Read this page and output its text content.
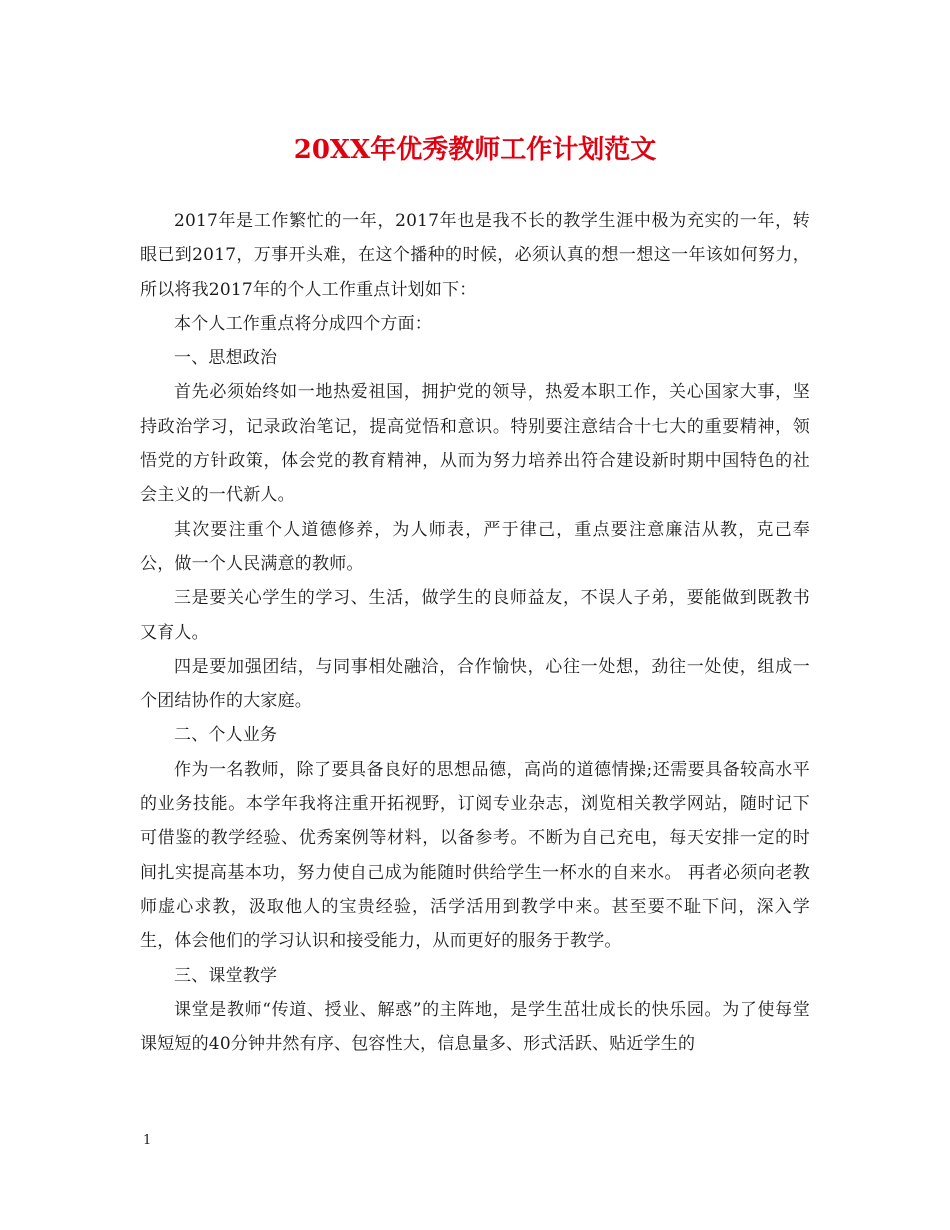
20XX年优秀教师工作计划范文

2017年是工作繁忙的一年，2017年也是我不长的教学生涯中极为充实的一年，转眼已到2017，万事开头难，在这个播种的时候，必须认真的想一想这一年该如何努力，所以将我2017年的个人工作重点计划如下：

本个人工作重点将分成四个方面：

一、思想政治

首先必须始终如一地热爱祖国，拥护党的领导，热爱本职工作，关心国家大事，坚持政治学习，记录政治笔记，提高觉悟和意识。特别要注意结合十七大的重要精神，领悟党的方针政策，体会党的教育精神，从而为努力培养出符合建设新时期中国特色的社会主义的一代新人。

其次要注重个人道德修养，为人师表，严于律己，重点要注意廉洁从教，克己奉公，做一个人民满意的教师。

三是要关心学生的学习、生活，做学生的良师益友，不误人子弟，要能做到既教书又育人。

四是要加强团结，与同事相处融洽，合作愉快，心往一处想，劲往一处使，组成一个团结协作的大家庭。

二、个人业务

作为一名教师，除了要具备良好的思想品德，高尚的道德情操;还需要具备较高水平的业务技能。本学年我将注重开拓视野，订阅专业杂志，浏览相关教学网站，随时记下可借鉴的教学经验、优秀案例等材料，以备参考。不断为自己充电，每天安排一定的时间扎实提高基本功，努力使自己成为能随时供给学生一杯水的自来水。 再者必须向老教师虚心求教，汲取他人的宝贵经验，活学活用到教学中来。甚至要不耻下问，深入学生，体会他们的学习认识和接受能力，从而更好的服务于教学。

三、课堂教学

课堂是教师“传道、授业、解惑”的主阵地，是学生茁壮成长的快乐园。为了使每堂课短短的40分钟井然有序、包容性大，信息量多、形式活跃、贴近学生的

1
